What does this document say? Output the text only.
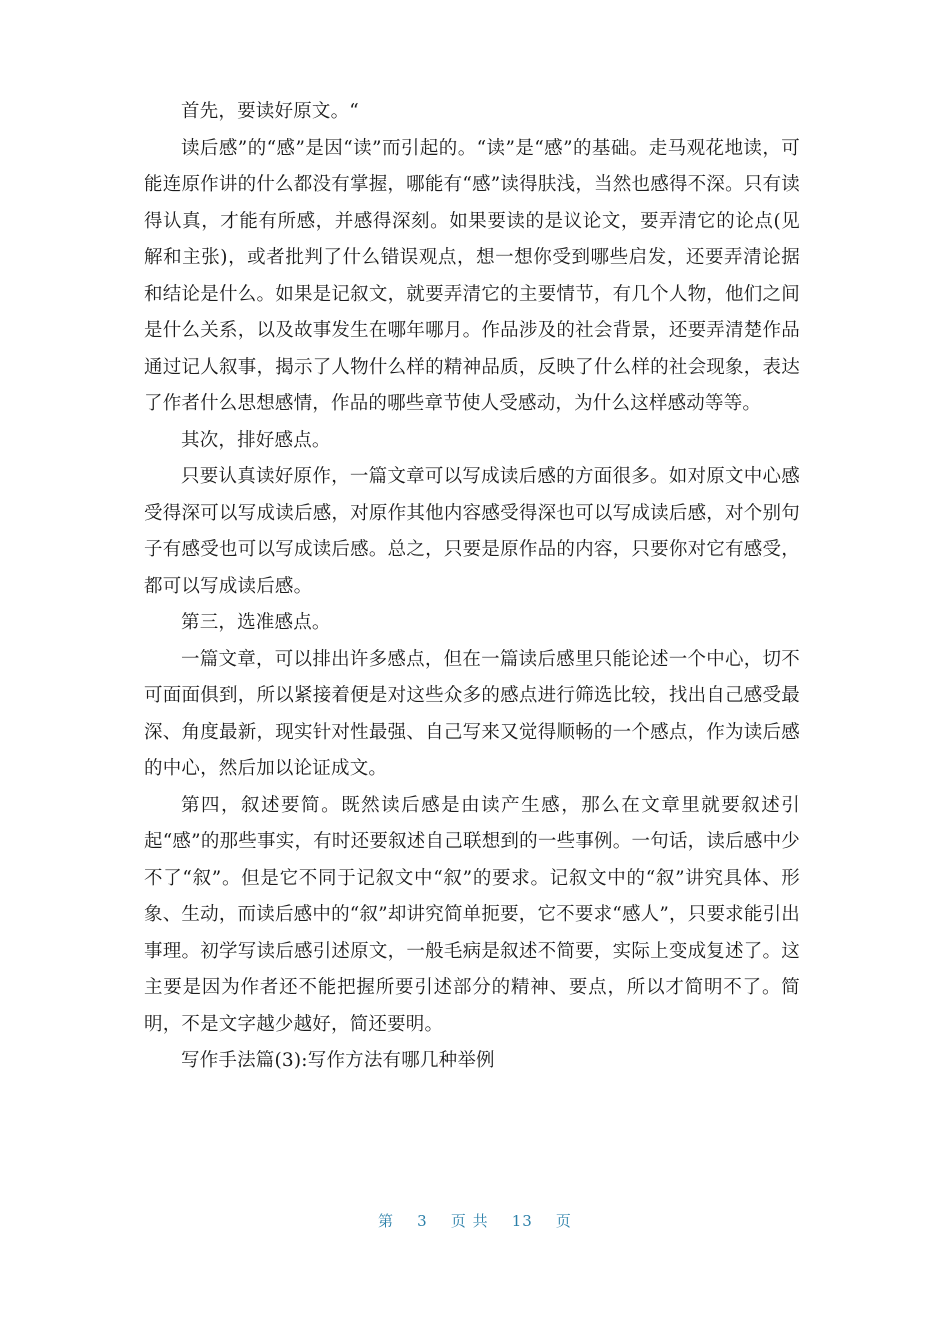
首先，要读好原文。“

读后感”的“感”是因“读”而引起的。“读”是“感”的基础。走马观花地读，可能连原作讲的什么都没有掌握，哪能有“感”读得肤浅，当然也感得不深。只有读得认真，才能有所感，并感得深刻。如果要读的是议论文，要弄清它的论点(见解和主张)，或者批判了什么错误观点，想一想你受到哪些启发，还要弄清论据和结论是什么。如果是记叙文，就要弄清它的主要情节，有几个人物，他们之间是什么关系，以及故事发生在哪年哪月。作品涉及的社会背景，还要弄清楚作品通过记人叙事，揭示了人物什么样的精神品质，反映了什么样的社会现象，表达了作者什么思想感情，作品的哪些章节使人受感动，为什么这样感动等等。

其次，排好感点。

只要认真读好原作，一篇文章可以写成读后感的方面很多。如对原文中心感受得深可以写成读后感，对原作其他内容感受得深也可以写成读后感，对个别句子有感受也可以写成读后感。总之，只要是原作品的内容，只要你对它有感受，都可以写成读后感。

第三，选准感点。

一篇文章，可以排出许多感点，但在一篇读后感里只能论述一个中心，切不可面面俱到，所以紧接着便是对这些众多的感点进行筛选比较，找出自己感受最深、角度最新，现实针对性最强、自己写来又觉得顺畅的一个感点，作为读后感的中心，然后加以论证成文。

第四，叙述要简。既然读后感是由读产生感，那么在文章里就要叙述引起“感”的那些事实，有时还要叙述自己联想到的一些事例。一句话，读后感中少不了“叙”。但是它不同于记叙文中“叙”的要求。记叙文中的“叙”讲究具体、形象、生动，而读后感中的“叙”却讲究简单扼要，它不要求“感人”，只要求能引出事理。初学写读后感引述原文，一般毛病是叙述不简要，实际上变成复述了。这主要是因为作者还不能把握所要引述部分的精神、要点，所以才简明不了。简明，不是文字越少越好，简还要明。

写作手法篇(3):写作方法有哪几种举例

第 3 页 共 13 页
